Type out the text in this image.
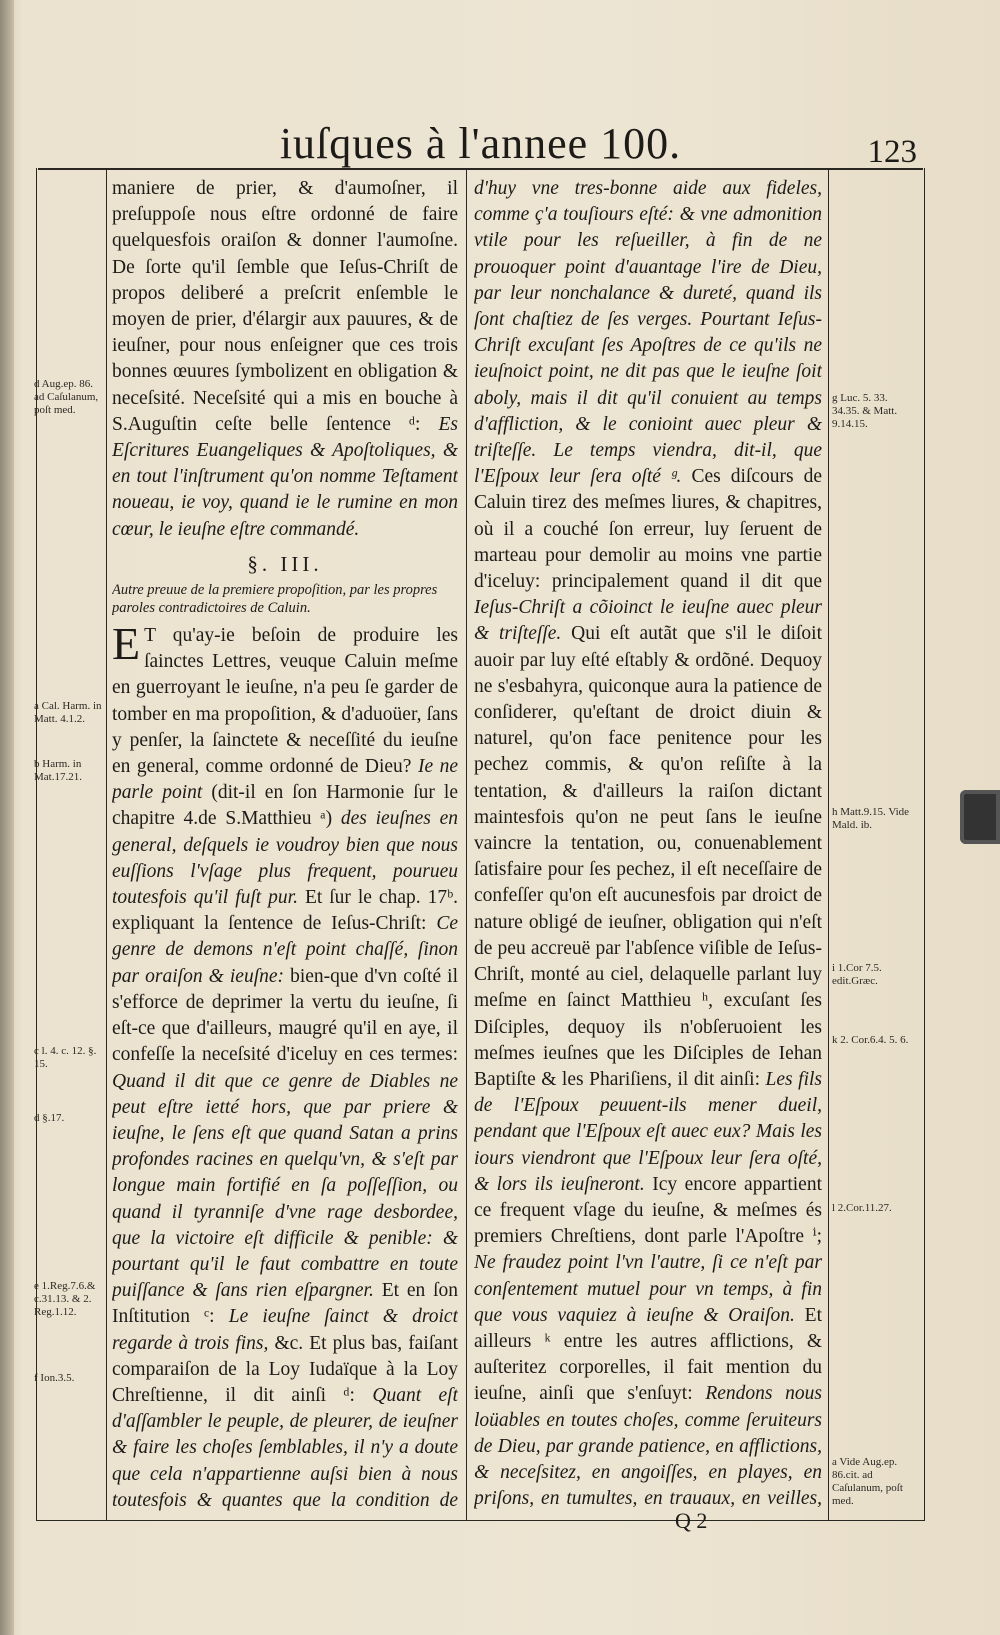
iuſques à l'annee 100.	123
d Aug.ep. 86. ad Caſulanum, poſt med.
a Cal. Harm. in Matt. 4.1.2.
b Harm. in Mat.17.21.
c l. 4. c. 12. §. 15.
d §.17.
e 1.Reg.7.6.& c.31.13. & 2. Reg.1.12.
f Ion.3.5.

maniere de prier, & d'aumoſner, il preſuppoſe nous eſtre ordonné de faire quelquesfois oraiſon & donner l'aumoſne. De ſorte qu'il ſemble que Ieſus-Chriſt de propos deliberé a preſcrit enſemble le moyen de prier, d'élargir aux pauures, & de ieuſner, pour nous enſeigner que ces trois bonnes œuures ſymbolizent en obligation & neceſsité. Neceſsité qui a mis en bouche à S.Auguſtin ceſte belle ſentence ᵈ: Es Eſcritures Euangeliques & Apoſtoliques, & en tout l'inſtrument qu'on nomme Teſtament noueau, ie voy, quand ie le rumine en mon cœur, le ieuſne eſtre commandé.

§. III.
Autre preuue de la premiere propoſition, par les propres paroles contradictoires de Caluin.

E T qu'ay-ie beſoin de produire les ſainctes Lettres, veuque Caluin meſme en guerroyant le ieuſne, n'a peu ſe garder de tomber en ma propoſition, & d'aduoüer, ſans y penſer, la ſainctete & neceſſité du ieuſne en general, comme ordonné de Dieu? Ie ne parle point (dit-il en ſon Harmonie ſur le chapitre 4.de S.Matthieu ᵃ) des ieuſnes en general, deſquels ie voudroy bien que nous euſſions l'vſage plus frequent, pourueu toutesfois qu'il fuſt pur. Et ſur le chap. 17ᵇ. expliquant la ſentence de Ieſus-Chriſt: Ce genre de demons n'eſt point chaſſé, ſinon par oraiſon & ieuſne: bien-que d'vn coſté il s'efforce de deprimer la vertu du ieuſne, ſi eſt-ce que d'ailleurs, maugré qu'il en aye, il confeſſe la neceſsité d'iceluy en ces termes: Quand il dit que ce genre de Diables ne peut eſtre ietté hors, que par priere & ieuſne, le ſens eſt que quand Satan a prins profondes racines en quelqu'vn, & s'eſt par longue main fortifié en ſa poſſeſſion, ou quand il tyranniſe d'vne rage desbordee, que la victoire eſt difficile & penible: & pourtant qu'il le faut combattre en toute puiſſance & ſans rien eſpargner. Et en ſon Inſtitution ᶜ: Le ieuſne ſainct & droict regarde à trois fins, &c. Et plus bas, faiſant comparaiſon de la Loy Iudaïque à la Loy Chreſtienne, il dit ainſi ᵈ: Quant eſt d'aſſambler le peuple, de pleurer, de ieuſner & faire les choſes ſemblables, il n'y a doute que cela n'appartienne auſsi bien à nous toutesfois & quantes que la condition de

d'huy vne tres-bonne aide aux fideles, comme ç'a touſiours eſté: & vne admonition vtile pour les reſueiller, à fin de ne prouoquer point d'auantage l'ire de Dieu, par leur nonchalance & dureté, quand ils ſont chaſtiez de ſes verges. Pourtant Ieſus-Chriſt excuſant ſes Apoſtres de ce qu'ils ne ieuſnoict point, ne dit pas que le ieuſne ſoit aboly, mais il dit qu'il conuient au temps d'affliction, & le conioint auec pleur & triſteſſe. Le temps viendra, dit-il, que l'Eſpoux leur ſera oſté ᵍ. Ces diſcours de Caluin tirez des meſmes liures, & chapitres, où il a couché ſon erreur, luy ſeruent de marteau pour demolir au moins vne partie d'iceluy: principalement quand il dit que Ieſus-Chriſt a cõioinct le ieuſne auec pleur & triſteſſe. Qui eſt autãt que s'il le diſoit auoir par luy eſté eſtably & ordõné. Dequoy ne s'esbahyra, quiconque aura la patience de conſiderer, qu'eſtant de droict diuin & naturel, qu'on face penitence pour les pechez commis, & qu'on reſiſte à la tentation, & d'ailleurs la raiſon dictant maintesfois qu'on ne peut ſans le ieuſne vaincre la tentation, ou, conuenablement ſatisfaire pour ſes pechez, il eſt neceſſaire de confeſſer qu'on eſt aucunesfois par droict de nature obligé de ieuſner, obligation qui n'eſt de peu accreuë par l'abſence viſible de Ieſus-Chriſt, monté au ciel, delaquelle parlant luy meſme en ſainct Matthieu ʰ, excuſant ſes Diſciples, dequoy ils n'obſeruoient les meſmes ieuſnes que les Diſciples de Iehan Baptiſte & les Phariſiens, il dit ainſi: Les fils de l'Eſpoux peuuent-ils mener dueil, pendant que l'Eſpoux eſt auec eux? Mais les iours viendront que l'Eſpoux leur ſera oſté, & lors ils ieuſneront. Icy encore appartient ce frequent vſage du ieuſne, & meſmes és premiers Chreſtiens, dont parle l'Apoſtre ⁱ; Ne fraudez point l'vn l'autre, ſi ce n'eſt par conſentement mutuel pour vn temps, à fin que vous vaquiez à ieuſne & Oraiſon. Et ailleurs ᵏ entre les autres afflictions, & auſteritez corporelles, il fait mention du ieuſne, ainſi que s'enſuyt: Rendons nous loüables en toutes choſes, comme ſeruiteurs de Dieu, par grande patience, en afflictions, & neceſsitez, en angoiſſes, en playes, en priſons, en tumultes, en trauaux, en veilles,

g Luc. 5. 33. 34.35. & Matt. 9.14.15.
h Matt.9.15. Vide Mald. ib.
i 1.Cor 7.5. edit.Græc.
k 2. Cor.6.4. 5. 6.
l 2.Cor.11.27.
a Vide Aug.ep. 86.cit. ad Caſulanum, poſt med.
Q 2
